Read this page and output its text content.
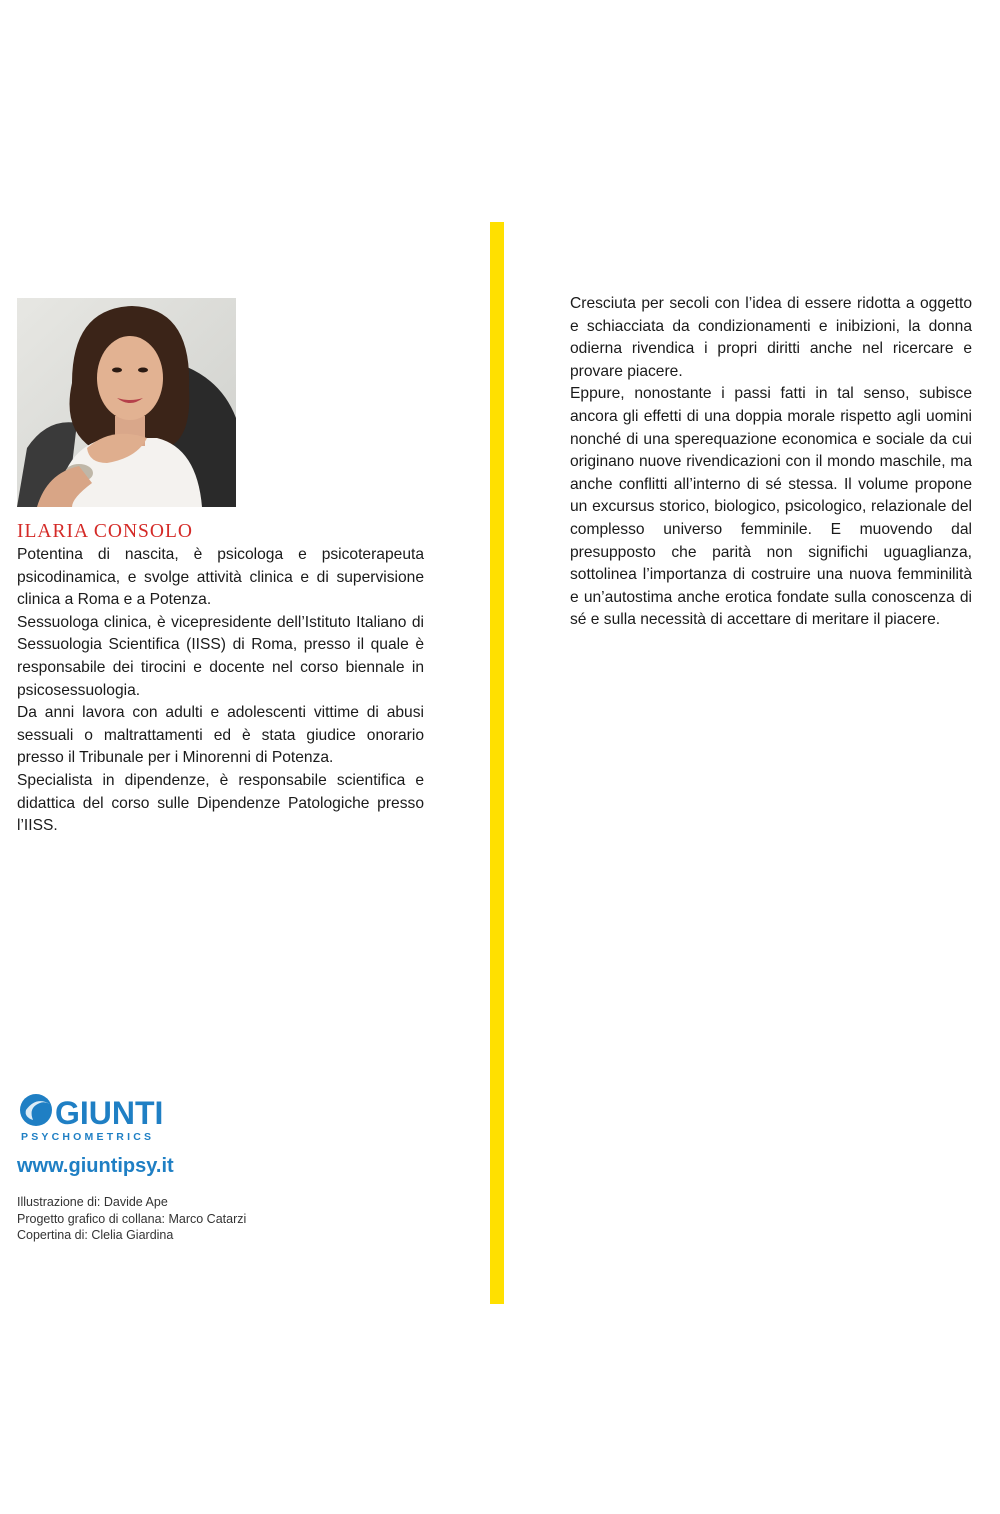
ILARIA CONSOLO

Potentina di nascita, è psicologa e psicoterapeuta psicodinamica, e svolge attività clinica e di supervisione clinica a Roma e a Potenza.

Sessuologa clinica, è vicepresidente dell’Istituto Italiano di Sessuologia Scientifica (IISS) di Roma, presso il quale è responsabile dei tirocini e docente nel corso biennale in psicosessuologia.

Da anni lavora con adulti e adolescenti vittime di abusi sessuali o maltrattamenti ed è stata giudice onorario presso il Tribunale per i Minorenni di Potenza.

Specialista in dipendenze, è responsabile scientifica e didattica del corso sulle Dipendenze Patologiche presso l’IISS.

GIUNTI
PSYCHOMETRICS

www.giuntipsy.it

Illustrazione di: Davide Ape
Progetto grafico di collana: Marco Catarzi
Copertina di: Clelia Giardina

Cresciuta per secoli con l’idea di essere ridotta a oggetto e schiacciata da condizionamenti e inibizioni, la donna odierna rivendica i propri diritti anche nel ricercare e provare piacere.

Eppure, nonostante i passi fatti in tal senso, subisce ancora gli effetti di una doppia morale rispetto agli uomini nonché di una sperequazione economica e sociale da cui originano nuove rivendicazioni con il mondo maschile, ma anche conflitti all’interno di sé stessa. Il volume propone un excursus storico, biologico, psicologico, relazionale del complesso universo femminile. E muovendo dal presupposto che parità non significhi uguaglianza, sottolinea l’importanza di costruire una nuova femminilità e un’autostima anche erotica fondate sulla conoscenza di sé e sulla necessità di accettare di meritare il piacere.
